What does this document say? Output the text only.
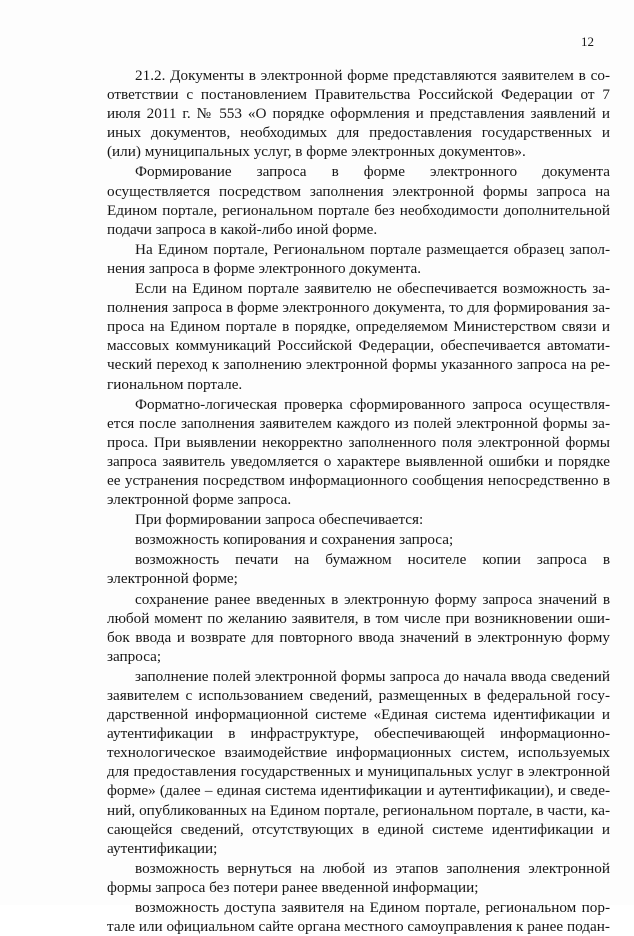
12

21.2. Документы в электронной форме представляются заявителем в соответствии с постановлением Правительства Российской Федерации от 7 июля 2011 г. № 553 «О порядке оформления и представления заявлений и иных документов, необходимых для предоставления государственных и (или) муниципальных услуг, в форме электронных документов».

Формирование запроса в форме электронного документа осуществляется посредством заполнения электронной формы запроса на Едином портале, региональном портале без необходимости дополнительной подачи запроса в какой-либо иной форме.

На Едином портале, Региональном портале размещается образец заполнения запроса в форме электронного документа.

Если на Едином портале заявителю не обеспечивается возможность заполнения запроса в форме электронного документа, то для формирования запроса на Едином портале в порядке, определяемом Министерством связи и массовых коммуникаций Российской Федерации, обеспечивается автоматический переход к заполнению электронной формы указанного запроса на региональном портале.

Форматно-логическая проверка сформированного запроса осуществляется после заполнения заявителем каждого из полей электронной формы запроса. При выявлении некорректно заполненного поля электронной формы запроса заявитель уведомляется о характере выявленной ошибки и порядке ее устранения посредством информационного сообщения непосредственно в электронной форме запроса.

При формировании запроса обеспечивается:

возможность копирования и сохранения запроса;

возможность печати на бумажном носителе копии запроса в электронной форме;

сохранение ранее введенных в электронную форму запроса значений в любой момент по желанию заявителя, в том числе при возникновении ошибок ввода и возврате для повторного ввода значений в электронную форму запроса;

заполнение полей электронной формы запроса до начала ввода сведений заявителем с использованием сведений, размещенных в федеральной государственной информационной системе «Единая система идентификации и аутентификации в инфраструктуре, обеспечивающей информационно-технологическое взаимодействие информационных систем, используемых для предоставления государственных и муниципальных услуг в электронной форме» (далее – единая система идентификации и аутентификации), и сведений, опубликованных на Едином портале, региональном портале, в части, касающейся сведений, отсутствующих в единой системе идентификации и аутентификации;

возможность вернуться на любой из этапов заполнения электронной формы запроса без потери ранее введенной информации;

возможность доступа заявителя на Едином портале, региональном портале или официальном сайте органа местного самоуправления к ранее подан-
